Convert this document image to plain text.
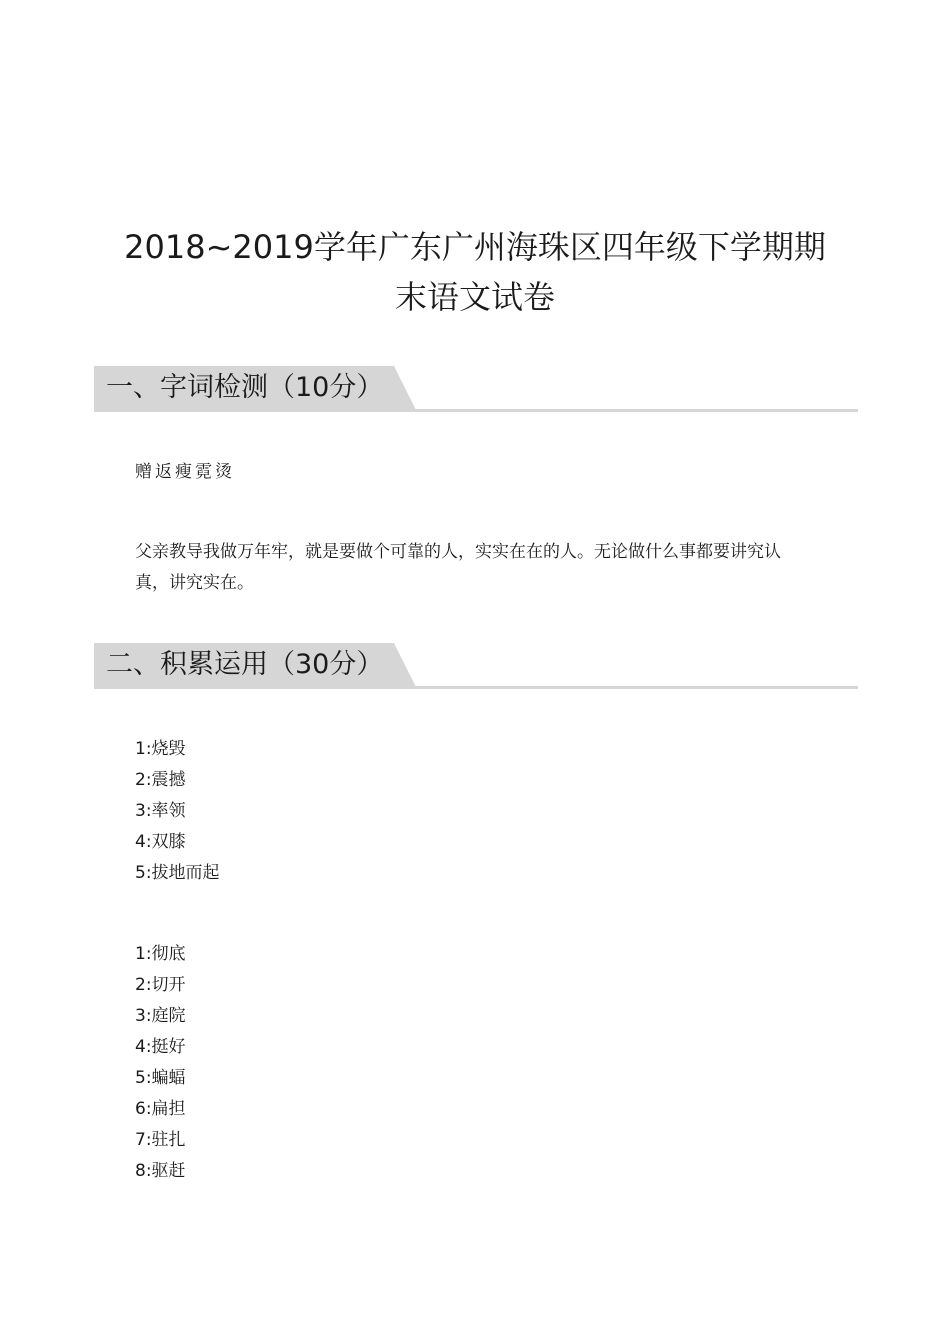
2018~2019学年广东广州海珠区四年级下学期期
末语文试卷
一、字词检测（10分）
赠返瘦霓烫
父亲教导我做万年牢，就是要做个可靠的人，实实在在的人。无论做什么事都要讲究认
真，讲究实在。
二、积累运用（30分）
1:烧毁
2:震撼
3:率领
4:双膝
5:拔地而起
1:彻底
2:切开
3:庭院
4:挺好
5:蝙蝠
6:扁担
7:驻扎
8:驱赶
